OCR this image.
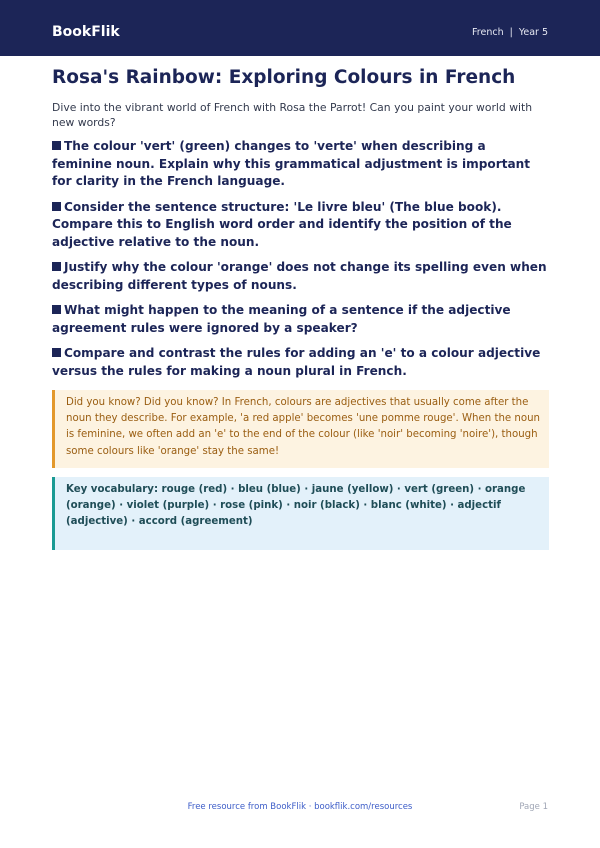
BookFlik	French | Year 5
Rosa's Rainbow: Exploring Colours in French

Dive into the vibrant world of French with Rosa the Parrot! Can you paint your world with new words?

The colour 'vert' (green) changes to 'verte' when describing a feminine noun. Explain why this grammatical adjustment is important for clarity in the French language.

Consider the sentence structure: 'Le livre bleu' (The blue book). Compare this to English word order and identify the position of the adjective relative to the noun.

Justify why the colour 'orange' does not change its spelling even when describing different types of nouns.

What might happen to the meaning of a sentence if the adjective agreement rules were ignored by a speaker?

Compare and contrast the rules for adding an 'e' to a colour adjective versus the rules for making a noun plural in French.

Did you know? Did you know? In French, colours are adjectives that usually come after the noun they describe. For example, 'a red apple' becomes 'une pomme rouge'. When the noun is feminine, we often add an 'e' to the end of the colour (like 'noir' becoming 'noire'), though some colours like 'orange' stay the same!
Key vocabulary: rouge (red) · bleu (blue) · jaune (yellow) · vert (green) · orange (orange) · violet (purple) · rose (pink) · noir (black) · blanc (white) · adjectif (adjective) · accord (agreement)
Free resource from BookFlik · bookflik.com/resources	Page 1
